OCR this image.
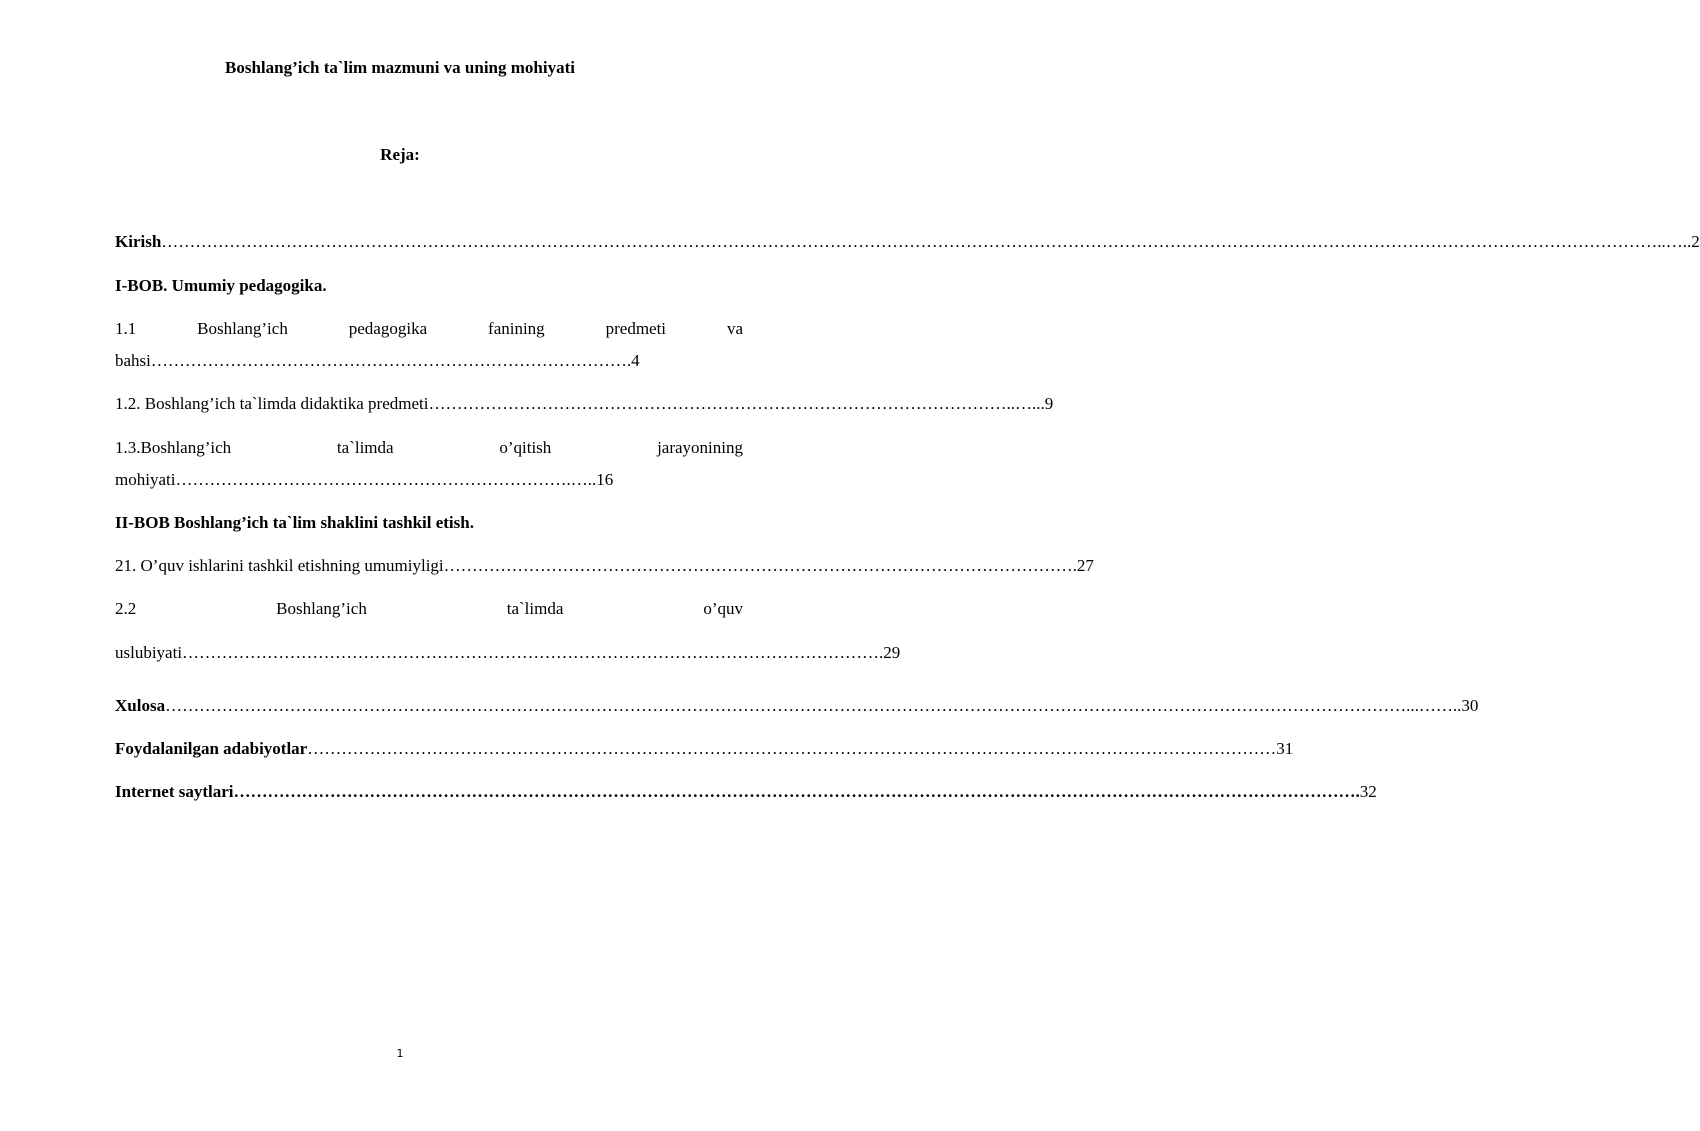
Boshlang’ich ta`lim mazmuni va uning mohiyati
Reja:
Kirish…………………………………………………………………………………………………………………………………………………………………………………………………………………………………………..…..2
I-BOB. Umumiy pedagogika.
1.1	Boshlang’ich	pedagogika	fanining	predmeti	va
bahsi………………………………………………………………………….4
1.2. Boshlang’ich ta`limda didaktika predmeti…………………………………………………………………………………………..…...9
1.3.Boshlang’ich	ta`limda	o’qitish	jarayonining
mohiyati…………………………………………………………….…..16
II-BOB Boshlang’ich ta`lim shaklini tashkil etish.
21. O’quv ishlarini tashkil etishning umumiyligi………………………………………………………………………………………………….27
2.2	Boshlang’ich	ta`limda	o’quv
uslubiyati…………………………………………………………………………………………………………….29
Xulosa…………………………………………………………………………………………………………………………………………………………………………………………………...……..30
Foydalanilgan adabiyotlar………………………………………………………………………………………………………………………………………………………31
Internet saytlari……………………………………………………………………………………………………………………………………………………………………………….32
1
